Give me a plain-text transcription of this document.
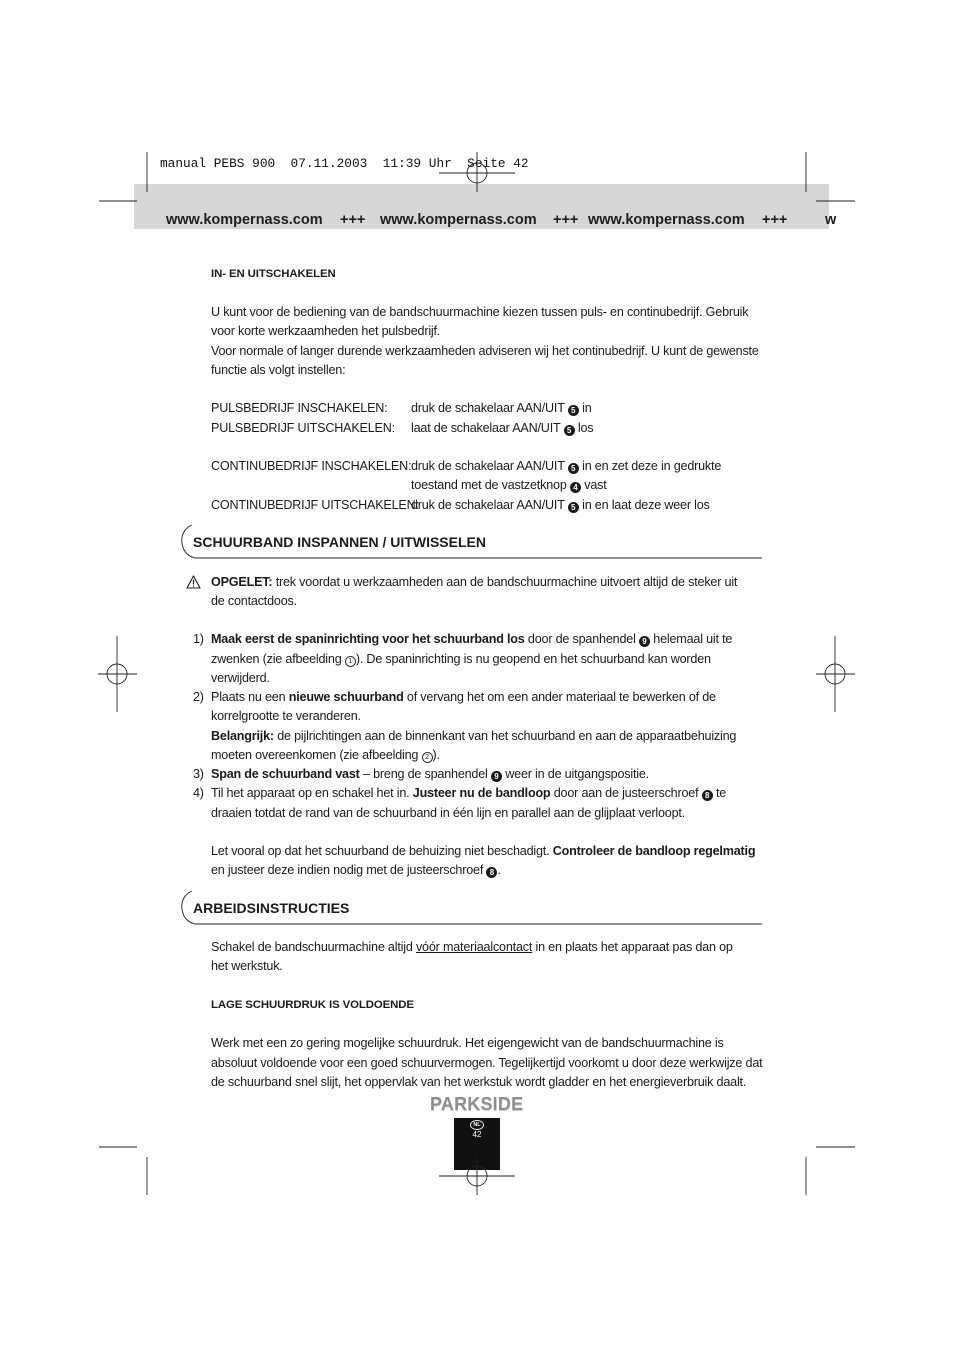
manual PEBS 900  07.11.2003  11:39 Uhr  Seite 42
www.kompernass.com +++ www.kompernass.com +++ www.kompernass.com +++	w
IN- EN UITSCHAKELEN
U kunt voor de bediening van de bandschuurmachine kiezen tussen puls- en continubedrijf. Gebruik
voor korte werkzaamheden het pulsbedrijf.
Voor normale of langer durende werkzaamheden adviseren wij het continubedrijf. U kunt de gewenste
functie als volgt instellen:
PULSBEDRIJF INSCHAKELEN: druk de schakelaar AAN/UIT 5 in
PULSBEDRIJF UITSCHAKELEN: laat de schakelaar AAN/UIT 5 los
CONTINUBEDRIJF INSCHAKELEN: druk de schakelaar AAN/UIT 5 in en zet deze in gedrukte
toestand met de vastzetknop 4 vast
CONTINUBEDRIJF UITSCHAKELEN:
druk de schakelaar AAN/UIT 5 in en laat deze weer los
SCHUURBAND INSPANNEN / UITWISSELEN
OPGELET: trek voordat u werkzaamheden aan de bandschuurmachine uitvoert altijd de steker uit
de contactdoos.
1) Maak eerst de spaninrichting voor het schuurband los door de spanhendel 9 helemaal uit te
zwenken (zie afbeelding 1 ). De spaninrichting is nu geopend en het schuurband kan worden
verwijderd.
2) Plaats nu een nieuwe schuurband of vervang het om een ander materiaal te bewerken of de
korrelgrootte te veranderen.
Belangrijk: de pijlrichtingen aan de binnenkant van het schuurband en aan de apparaatbehuizing
moeten overeenkomen (zie afbeelding 2 ).
3) Span de schuurband vast – breng de spanhendel 9 weer in de uitgangspositie.
4) Til het apparaat op en schakel het in. Justeer nu de bandloop door aan de justeerschroef 8 te
draaien totdat de rand van de schuurband in één lijn en parallel aan de glijplaat verloopt.
Let vooral op dat het schuurband de behuizing niet beschadigt. Controleer de bandloop regelmatig
en justeer deze indien nodig met de justeerschroef 8 .
ARBEIDSINSTRUCTIES
Schakel de bandschuurmachine altijd vóór materiaalcontact in en plaats het apparaat pas dan op
het werkstuk.
LAGE SCHUURDRUK IS VOLDOENDE
Werk met een zo gering mogelijke schuurdruk. Het eigengewicht van de bandschuurmachine is
absoluut voldoende voor een goed schuurvermogen. Tegelijkertijd voorkomt u door deze werkwijze dat
de schuurband snel slijt, het oppervlak van het werkstuk wordt gladder en het energieverbruik daalt.
PARKSIDE
NL
42
